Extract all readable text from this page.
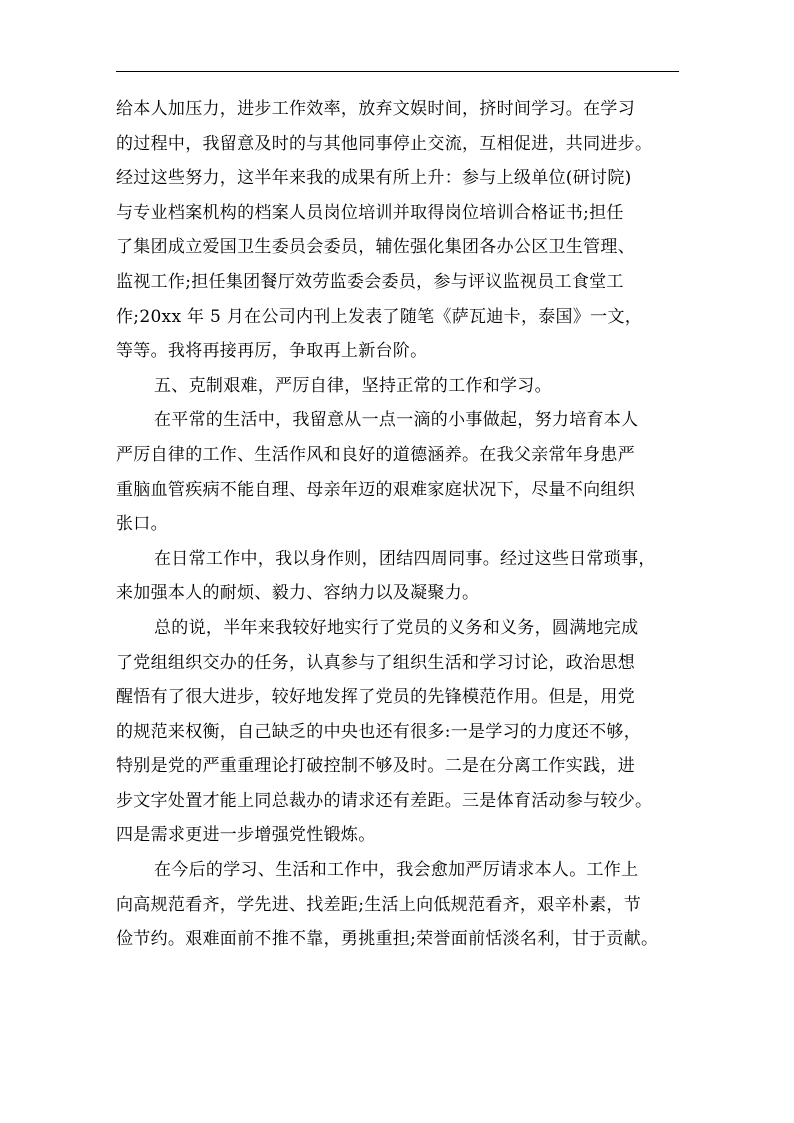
给本人加压力，进步工作效率，放弃文娱时间，挤时间学习。在学习
的过程中，我留意及时的与其他同事停止交流，互相促进，共同进步。
经过这些努力，这半年来我的成果有所上升：参与上级单位(研讨院)
与专业档案机构的档案人员岗位培训并取得岗位培训合格证书;担任
了集团成立爱国卫生委员会委员，辅佐强化集团各办公区卫生管理、
监视工作;担任集团餐厅效劳监委会委员，参与评议监视员工食堂工
作;20xx 年 5 月在公司内刊上发表了随笔《萨瓦迪卡，泰国》一文，
等等。我将再接再厉，争取再上新台阶。
五、克制艰难，严厉自律，坚持正常的工作和学习。
在平常的生活中，我留意从一点一滴的小事做起，努力培育本人
严厉自律的工作、生活作风和良好的道德涵养。在我父亲常年身患严
重脑血管疾病不能自理、母亲年迈的艰难家庭状况下，尽量不向组织
张口。
在日常工作中，我以身作则，团结四周同事。经过这些日常琐事，
来加强本人的耐烦、毅力、容纳力以及凝聚力。
总的说，半年来我较好地实行了党员的义务和义务，圆满地完成
了党组组织交办的任务，认真参与了组织生活和学习讨论，政治思想
醒悟有了很大进步，较好地发挥了党员的先锋模范作用。但是，用党
的规范来权衡，自己缺乏的中央也还有很多:一是学习的力度还不够，
特别是党的严重重理论打破控制不够及时。二是在分离工作实践，进
步文字处置才能上同总裁办的请求还有差距。三是体育活动参与较少。
四是需求更进一步增强党性锻炼。
在今后的学习、生活和工作中，我会愈加严厉请求本人。工作上
向高规范看齐，学先进、找差距;生活上向低规范看齐，艰辛朴素，节
俭节约。艰难面前不推不靠，勇挑重担;荣誉面前恬淡名利，甘于贡献。
